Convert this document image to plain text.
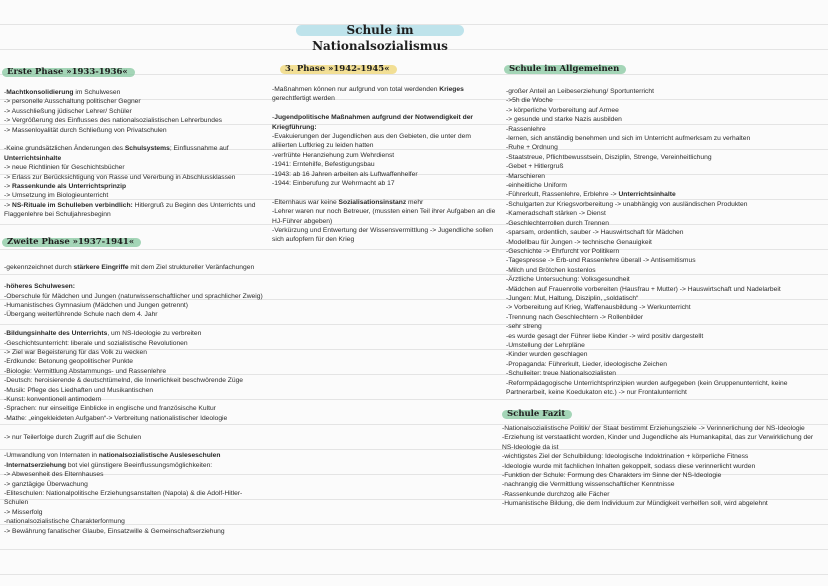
Schule im Nationalsozialismus
Erste Phase »1933-1936«
-Machtkonsolidierung im Schulwesen
-> personelle Ausschaltung politischer Gegner
-> Ausschließung jüdischer Lehrer/ Schüler
-> Vergrößerung des Einflusses des nationalsozialistischen Lehrerbundes
-> Massenloyalität durch Schließung von Privatschulen
-Keine grundsätzlichen Änderungen des Schulsystems; Einflussnahme auf
Unterrichtsinhalte
-> neue Richtlinien für Geschichtsbücher
-> Erlass zur Berücksichtigung von Rasse und Vererbung in Abschlussklassen
-> Rassenkunde als Unterrichtsprinzip
-> Umsetzung im Biologieunterricht
-> NS-Rituale im Schulleben verbindlich: Hitlergruß zu Beginn des Unterrichts und
Flaggenlehre bei Schuljahresbeginn
Zweite Phase »1937-1941«
-gekennzeichnet durch stärkere Eingriffe mit dem Ziel struktureller Veränfachungen
-höheres Schulwesen:
-Oberschule für Mädchen und Jungen (naturwissenschaftlicher und sprachlicher Zweig)
-Humanistisches Gymnasium (Mädchen und Jungen getrennt)
-Übergang weiterführende Schule nach dem 4. Jahr
-Bildungsinhalte des Unterrichts, um NS-Ideologie zu verbreiten
-Geschichtsunterricht: liberale und sozialistische Revolutionen
-> Ziel war Begeisterung für das Volk zu wecken
-Erdkunde: Betonung geopolitischer Punkte
-Biologie: Vermittlung Abstammungs- und Rassenlehre
-Deutsch: heroisierende & deutschtümelnd, die Innerlichkeit beschwörende Züge
-Musik: Pflege des Liedhaften und Musikantischen
-Kunst: konventionell antimodern
-Sprachen: nur einseitige Einblicke in englische und französische Kultur
-Mathe: „eingekleideten Aufgaben“-> Verbreitung nationalistischer Ideologie
-> nur Teilerfolge durch Zugriff auf die Schulen
-Umwandlung von Internaten in nationalsozialistische Ausleseschulen
-Internatserziehung bot viel günstigere Beeinflussungsmöglichkeiten:
-> Abwesenheit des Elternhauses
-> ganztägige Überwachung
-Eliteschulen: Nationalpolitische Erziehungsanstalten (Napola) & die Adolf-Hitler-
Schulen
-> Misserfolg
-nationalsozialistische Charakterformung
-> Bewährung fanatischer Glaube, Einsatzwille & Gemeinschaftserziehung
3. Phase »1942-1945«
-Maßnahmen können nur aufgrund von total werdenden Krieges
gerechtfertigt werden
-Jugendpolitische Maßnahmen aufgrund der Notwendigkeit der
Kriegführung:
-Evakuierungen der Jugendlichen aus den Gebieten, die unter dem
alliierten Luftkrieg zu leiden hatten
-verfrühte Heranziehung zum Wehrdienst
-1941: Erntehilfe, Befestigungsbau
-1943: ab 16 Jahren arbeiten als Luftwaffenhelfer
-1944: Einberufung zur Wehrmacht ab 17
-Elternhaus war keine Sozialisationsinstanz mehr
-Lehrer waren nur noch Betreuer, (mussten einen Teil ihrer Aufgaben an die
HJ-Führer abgeben)
-Verkürzung und Entwertung der Wissensvermittlung -> Jugendliche sollen
sich aufopfern für den Krieg
Schule im Allgemeinen
-großer Anteil an Leibeserziehung/ Sportunterricht
->5h die Woche
-> körperliche Vorbereitung auf Armee
-> gesunde und starke Nazis ausbilden
-Rassenlehre
-lernen, sich anständig benehmen und sich im Unterricht aufmerksam zu verhalten
-Ruhe + Ordnung
-Staatstreue, Pflichtbewusstsein, Disziplin, Strenge, Vereinheitlichung
-Gebet + Hitlergruß
-Marschieren
-einheitliche Uniform
-Führerkult, Rassenlehre, Erblehre -> Unterrichtsinhalte
-Schulgarten zur Kriegsvorbereitung -> unabhängig von ausländischen Produkten
-Kameradschaft stärken -> Dienst
-Geschlechterrollen durch Trennen
-sparsam, ordentlich, sauber -> Hauswirtschaft für Mädchen
-Modellbau für Jungen -> technische Genauigkeit
-Geschichte -> Ehrfurcht vor Politikern
-Tagespresse -> Erb-und Rassenlehre überall -> Antisemitismus
-Milch und Brötchen kostenlos
-Ärztliche Untersuchung: Volksgesundheit
-Mädchen auf Frauenrolle vorbereiten (Hausfrau + Mutter) -> Hauswirtschaft und Nadelarbeit
-Jungen: Mut, Haltung, Disziplin, „soldatisch“
-> Vorbereitung auf Krieg, Waffenausbildung -> Werkunterricht
-Trennung nach Geschlechtern -> Rollenbilder
-sehr streng
-es wurde gesagt der Führer liebe Kinder -> wird positiv dargestellt
-Umstellung der Lehrpläne
-Kinder wurden geschlagen
-Propaganda: Führerkult, Lieder, ideologische Zeichen
-Schulleiter: treue Nationalsozialisten
-Reformpädagogische Unterrichtsprinzipien wurden aufgegeben (kein Gruppenunterricht, keine
Partnerarbeit, keine Koedukaton etc.) -> nur Frontalunterricht
Schule Fazit
-Nationalsozialistische Politik/ der Staat bestimmt Erziehungsziele -> Verinnerlichung der NS-Ideologie
-Erziehung ist verstaatlicht worden, Kinder und Jugendliche als Humankapital, das zur Verwirklichung der
NS-Ideologie da ist
-wichtigstes Ziel der Schulbildung: Ideologische Indoktrination + körperliche Fitness
-Ideologie wurde mit fachlichen Inhalten gekoppelt, sodass diese verinnerlicht wurden
-Funktion der Schule: Formung des Charakters im Sinne der NS-Ideologie
-nachrangig die Vermittlung wissenschaftlicher Kenntnisse
-Rassenkunde durchzog alle Fächer
-Humanistische Bildung, die dem Individuum zur Mündigkeit verhelfen soll, wird abgelehnt
